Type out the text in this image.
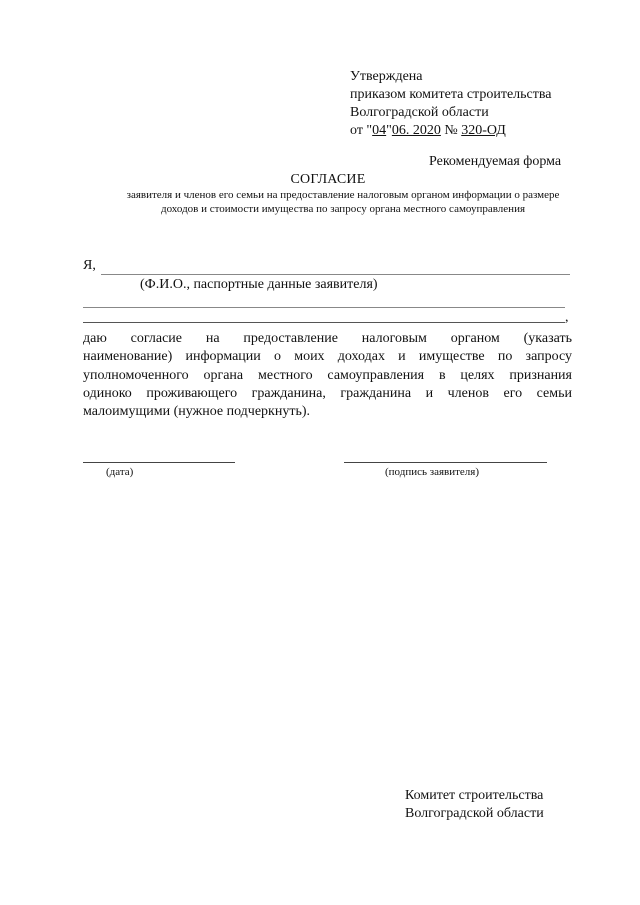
Утверждена
приказом комитета строительства
Волгоградской области
от "04"06. 2020 № 320-ОД
Рекомендуемая форма
СОГЛАСИЕ
заявителя и членов его семьи на предоставление налоговым органом информации о размере доходов и стоимости имущества по запросу органа местного самоуправления
Я,
(Ф.И.О., паспортные данные заявителя)
,
даю согласие на предоставление налоговым органом (указать
наименование) информации о моих доходах и имуществе по запросу
уполномоченного органа местного самоуправления в целях признания
одиноко проживающего гражданина, гражданина и членов его семьи
малоимущими (нужное подчеркнуть).
(дата)	(подпись заявителя)
Комитет строительства
Волгоградской области
